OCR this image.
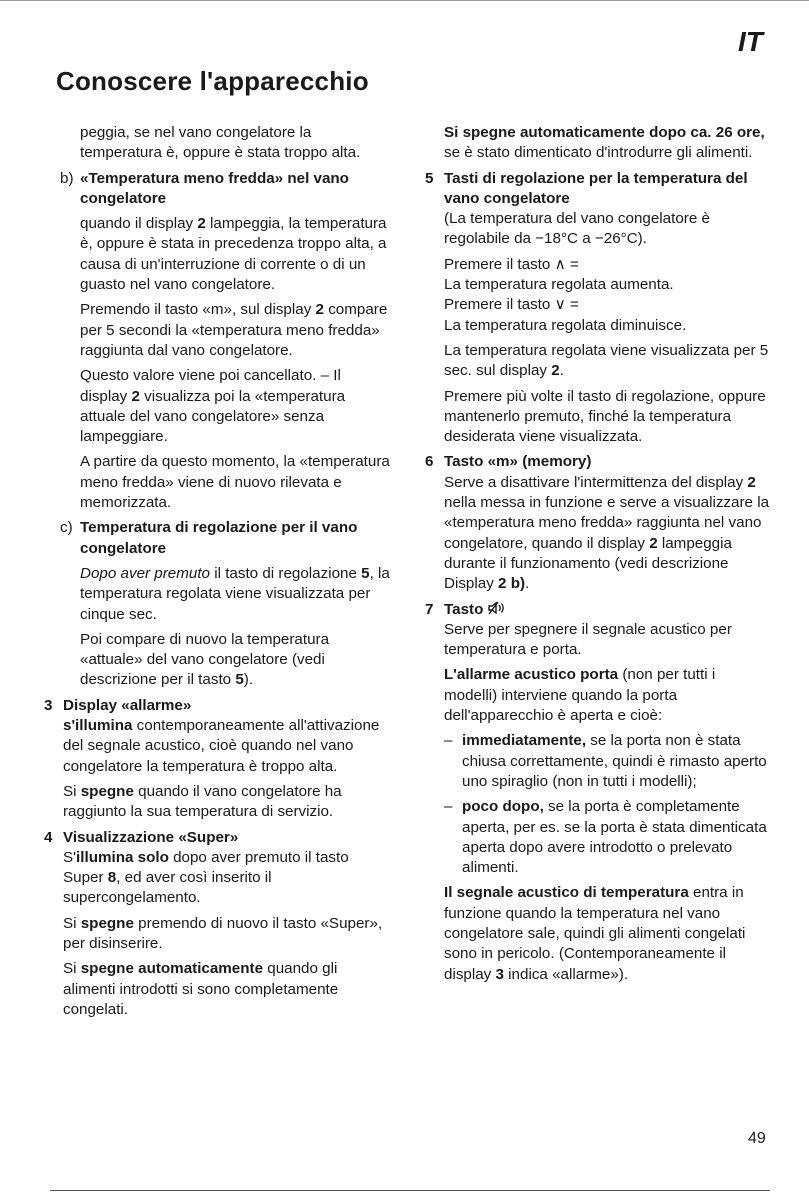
IT
Conoscere l'apparecchio

peggia, se nel vano congelatore la temperatura è, oppure è stata troppo alta.

b) «Temperatura meno fredda» nel vano congelatore

quando il display 2 lampeggia, la temperatura è, oppure è stata in precedenza troppo alta, a causa di un'interruzione di corrente o di un guasto nel vano congelatore.

Premendo il tasto «m», sul display 2 compare per 5 secondi la «temperatura meno fredda» raggiunta dal vano congelatore.

Questo valore viene poi cancellato. – Il display 2 visualizza poi la «temperatura attuale del vano congelatore» senza lampeggiare.

A partire da questo momento, la «temperatura meno fredda» viene di nuovo rilevata e memorizzata.

c) Temperatura di regolazione per il vano congelatore

Dopo aver premuto il tasto di regolazione 5, la temperatura regolata viene visualizzata per cinque sec.

Poi compare di nuovo la temperatura «attuale» del vano congelatore (vedi descrizione per il tasto 5).

3 Display «allarme»

s'illumina contemporaneamente all'attivazione del segnale acustico, cioè quando nel vano congelatore la temperatura è troppo alta.

Si spegne quando il vano congelatore ha raggiunto la sua temperatura di servizio.

4 Visualizzazione «Super»

S'illumina solo dopo aver premuto il tasto Super 8, ed aver così inserito il supercongelamento.

Si spegne premendo di nuovo il tasto «Super», per disinserire.

Si spegne automaticamente quando gli alimenti introdotti si sono completamente congelati.

Si spegne automaticamente dopo ca. 26 ore, se è stato dimenticato d'introdurre gli alimenti.

5 Tasti di regolazione per la temperatura del vano congelatore

(La temperatura del vano congelatore è regolabile da −18°C a −26°C).

Premere il tasto ∧ =

La temperatura regolata aumenta.

Premere il tasto ∨ =

La temperatura regolata diminuisce.

La temperatura regolata viene visualizzata per 5 sec. sul display 2.

Premere più volte il tasto di regolazione, oppure mantenerlo premuto, finché la temperatura desiderata viene visualizzata.

6 Tasto «m» (memory)

Serve a disattivare l'intermittenza del display 2 nella messa in funzione e serve a visualizzare la «temperatura meno fredda» raggiunta nel vano congelatore, quando il display 2 lampeggia durante il funzionamento (vedi descrizione Display 2 b).

7 Tasto

Serve per spegnere il segnale acustico per temperatura e porta.

L'allarme acustico porta (non per tutti i modelli) interviene quando la porta dell'apparecchio è aperta e cioè:

– immediatamente, se la porta non è stata chiusa correttamente, quindi è rimasto aperto uno spiraglio (non in tutti i modelli);

– poco dopo, se la porta è completamente aperta, per es. se la porta è stata dimenticata aperta dopo avere introdotto o prelevato alimenti.

Il segnale acustico di temperatura entra in funzione quando la temperatura nel vano congelatore sale, quindi gli alimenti congelati sono in pericolo. (Contemporaneamente il display 3 indica «allarme»).

49
